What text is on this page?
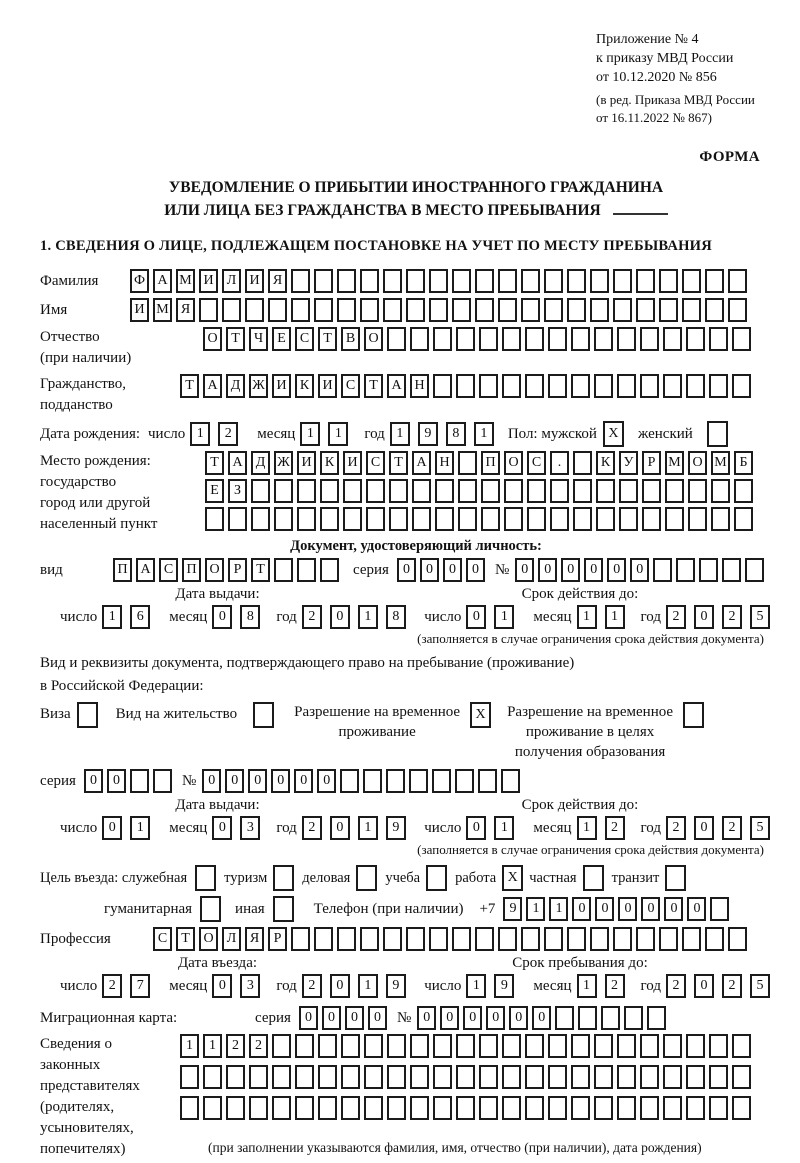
Приложение № 4
к приказу МВД России
от 10.12.2020 № 856
(в ред. Приказа МВД России
от 16.11.2022 № 867)
ФОРМА
УВЕДОМЛЕНИЕ О ПРИБЫТИИ ИНОСТРАННОГО ГРАЖДАНИНА
ИЛИ ЛИЦА БЕЗ ГРАЖДАНСТВА В МЕСТО ПРЕБЫВАНИЯ
1. СВЕДЕНИЯ О ЛИЦЕ, ПОДЛЕЖАЩЕМ ПОСТАНОВКЕ НА УЧЕТ ПО МЕСТУ ПРЕБЫВАНИЯ
Фамилия	Ф А М И Л И Я
Имя	И М Я
Отчество
(при наличии)
О Т	Ч	Е	С	Т	В О
Гражданство,
подданство
Т А Д Ж И К И С	Т А Н
Дата рождения: число 1	2	месяц 1	1	год 1	9	8	1	Пол: мужской X	женский
Место рождения:
государство
город или другой
населенный пункт
Т А Д Ж И К И С	Т А Н	П О С	.	К У	Р М О М Б
Е	З
Документ, удостоверяющий личность:
вид	П А С П О	Р	Т	серия	0	0	0	0	№ 0	0	0	0	0	0
Дата выдачи:	Срок действия до:
число 1	6	месяц 0	8	год 2	0	1	8	число 0	1	месяц 1	1	год 2	0	2	5
(заполняется в случае ограничения срока действия документа)
Вид и реквизиты документа, подтверждающего право на пребывание (проживание)
в Российской Федерации:
Виза	Вид на жительство	Разрешение на временное
проживание
X	Разрешение на временное
проживание в целях
получения образования
серия	0	0	№ 0	0	0	0	0	0
Дата выдачи:	Срок действия до:
число 0	1	месяц 0	3	год 2	0	1	9	число 0	1	месяц 1	2	год 2	0	2	5
(заполняется в случае ограничения срока действия документа)
Цель въезда: служебная	туризм деловая учеба работа X частная транзит
гуманитарная	иная	Телефон (при наличии) +7	9	1	1	0	0	0	0	0	0
Профессия	С	Т О Л Я	Р
Дата въезда:	Срок пребывания до:
число 2	7	месяц 0	3	год 2	0	1	9	число 1	9	месяц 1	2	год 2	0	2	5
Миграционная карта:	серия	0	0	0	0	№ 0	0	0	0	0	0
Сведения о
законных
представителях
(родителях,
усыновителях,
попечителях)
1	1	2	2
(при заполнении указываются фамилия, имя, отчество (при наличии), дата рождения)
